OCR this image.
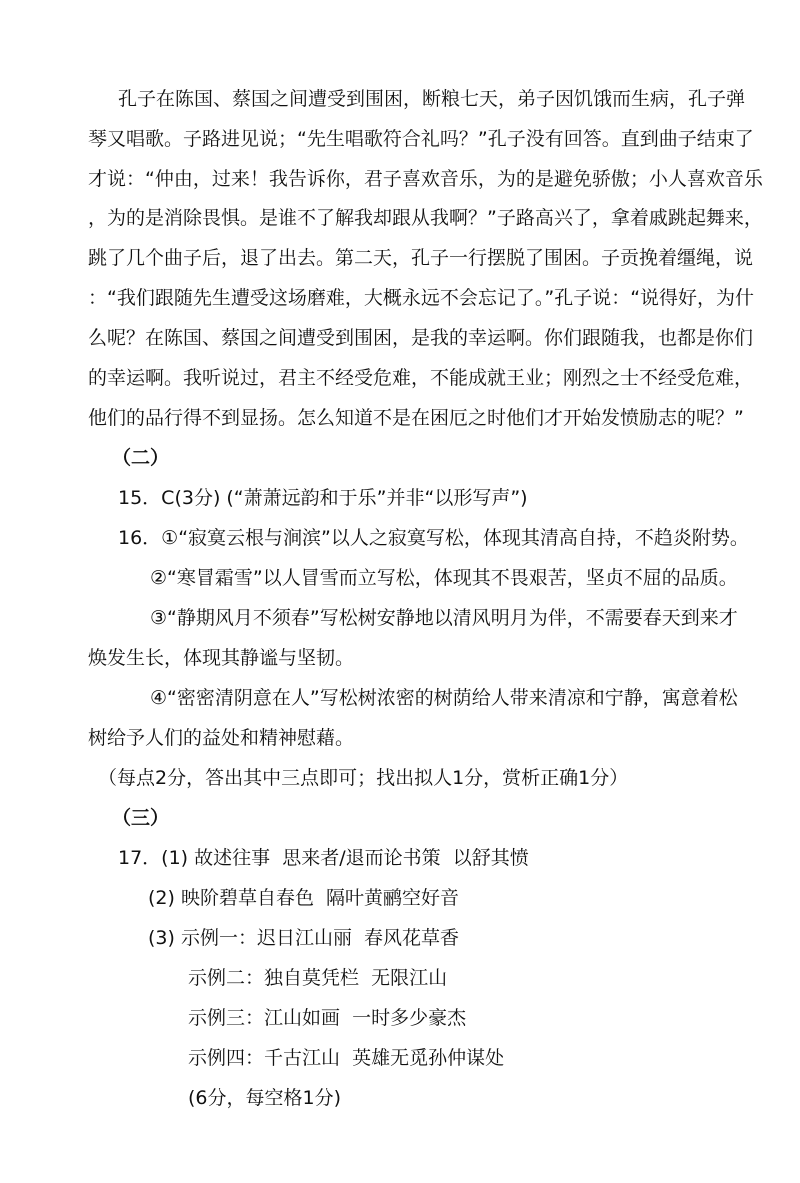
孔子在陈国、蔡国之间遭受到围困，断粮七天，弟子因饥饿而生病，孔子弹
琴又唱歌。子路进见说；“先生唱歌符合礼吗？”孔子没有回答。直到曲子结束了
才说：“仲由，过来！我告诉你，君子喜欢音乐，为的是避免骄傲；小人喜欢音乐
，为的是消除畏惧。是谁不了解我却跟从我啊？”子路高兴了，拿着戚跳起舞来，
跳了几个曲子后，退了出去。第二天，孔子一行摆脱了围困。子贡挽着缰绳，说
：“我们跟随先生遭受这场磨难，大概永远不会忘记了。”孔子说：“说得好，为什
么呢？在陈国、蔡国之间遭受到围困，是我的幸运啊。你们跟随我，也都是你们
的幸运啊。我听说过，君主不经受危难，不能成就王业；刚烈之士不经受危难，
他们的品行得不到显扬。怎么知道不是在困厄之时他们才开始发愤励志的呢？”
（二）
15．C(3分) (“萧萧远韵和于乐”并非“以形写声”)
16．①“寂寞云根与涧滨”以人之寂寞写松，体现其清高自持，不趋炎附势。
②“寒冒霜雪”以人冒雪而立写松，体现其不畏艰苦，坚贞不屈的品质。
③“静期风月不须春”写松树安静地以清风明月为伴，不需要春天到来才
焕发生长，体现其静谧与坚韧。
④“密密清阴意在人”写松树浓密的树荫给人带来清凉和宁静，寓意着松
树给予人们的益处和精神慰藉。
（每点2分，答出其中三点即可；找出拟人1分，赏析正确1分）
（三）
17．(1) 故述往事  思来者/退而论书策  以舒其愤
(2) 映阶碧草自春色  隔叶黄鹂空好音
(3) 示例一：迟日江山丽  春风花草香
示例二：独自莫凭栏  无限江山
示例三：江山如画  一时多少豪杰
示例四：千古江山  英雄无觅孙仲谋处
(6分，每空格1分)
